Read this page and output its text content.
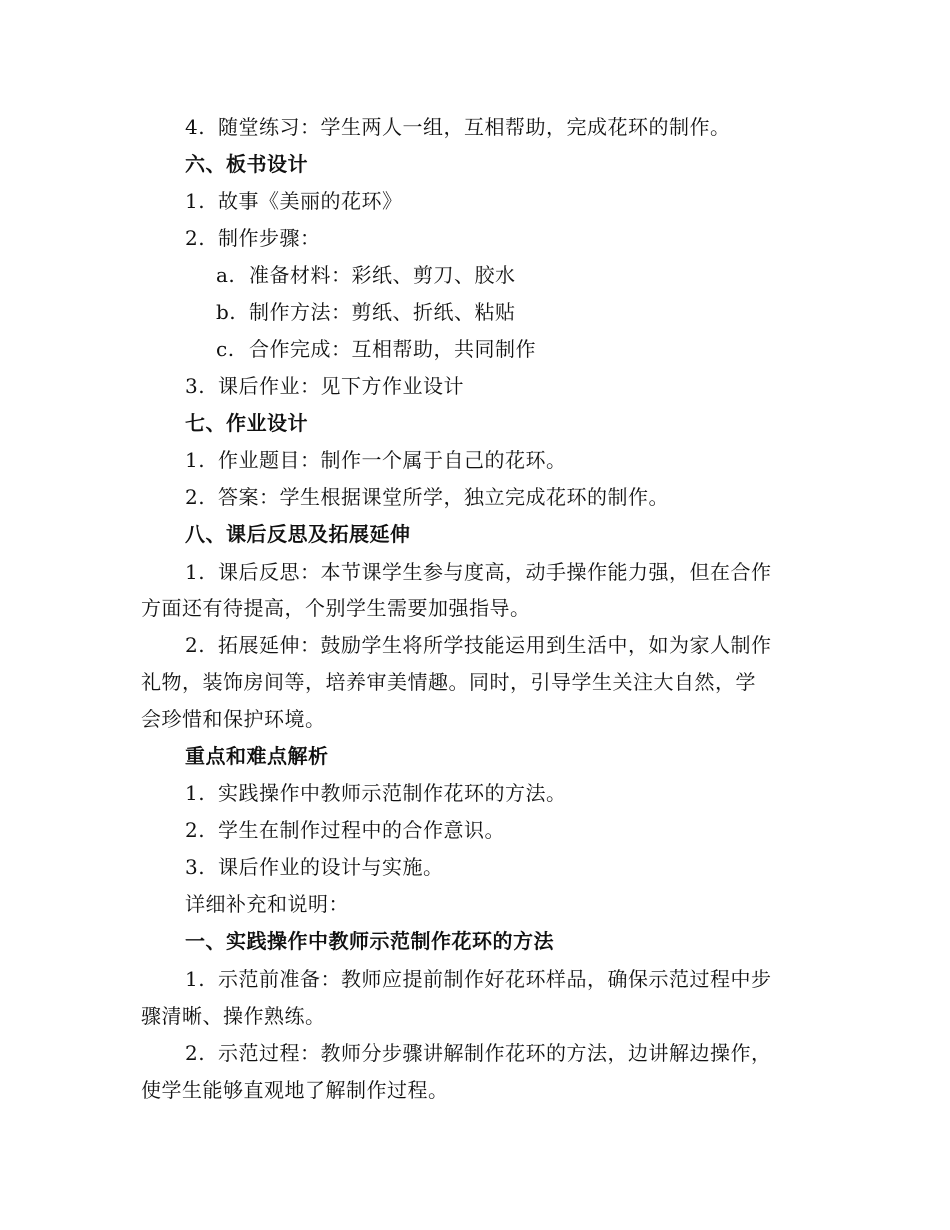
4. 随堂练习：学生两人一组，互相帮助，完成花环的制作。
六、板书设计
1. 故事《美丽的花环》
2. 制作步骤：
a. 准备材料：彩纸、剪刀、胶水
b. 制作方法：剪纸、折纸、粘贴
c. 合作完成：互相帮助，共同制作
3. 课后作业：见下方作业设计
七、作业设计
1. 作业题目：制作一个属于自己的花环。
2. 答案：学生根据课堂所学，独立完成花环的制作。
八、课后反思及拓展延伸
1. 课后反思：本节课学生参与度高，动手操作能力强，但在合作
方面还有待提高，个别学生需要加强指导。
2. 拓展延伸：鼓励学生将所学技能运用到生活中，如为家人制作
礼物，装饰房间等，培养审美情趣。同时，引导学生关注大自然，学
会珍惜和保护环境。
重点和难点解析
1. 实践操作中教师示范制作花环的方法。
2. 学生在制作过程中的合作意识。
3. 课后作业的设计与实施。
详细补充和说明：
一、实践操作中教师示范制作花环的方法
1. 示范前准备：教师应提前制作好花环样品，确保示范过程中步
骤清晰、操作熟练。
2. 示范过程：教师分步骤讲解制作花环的方法，边讲解边操作，
使学生能够直观地了解制作过程。
